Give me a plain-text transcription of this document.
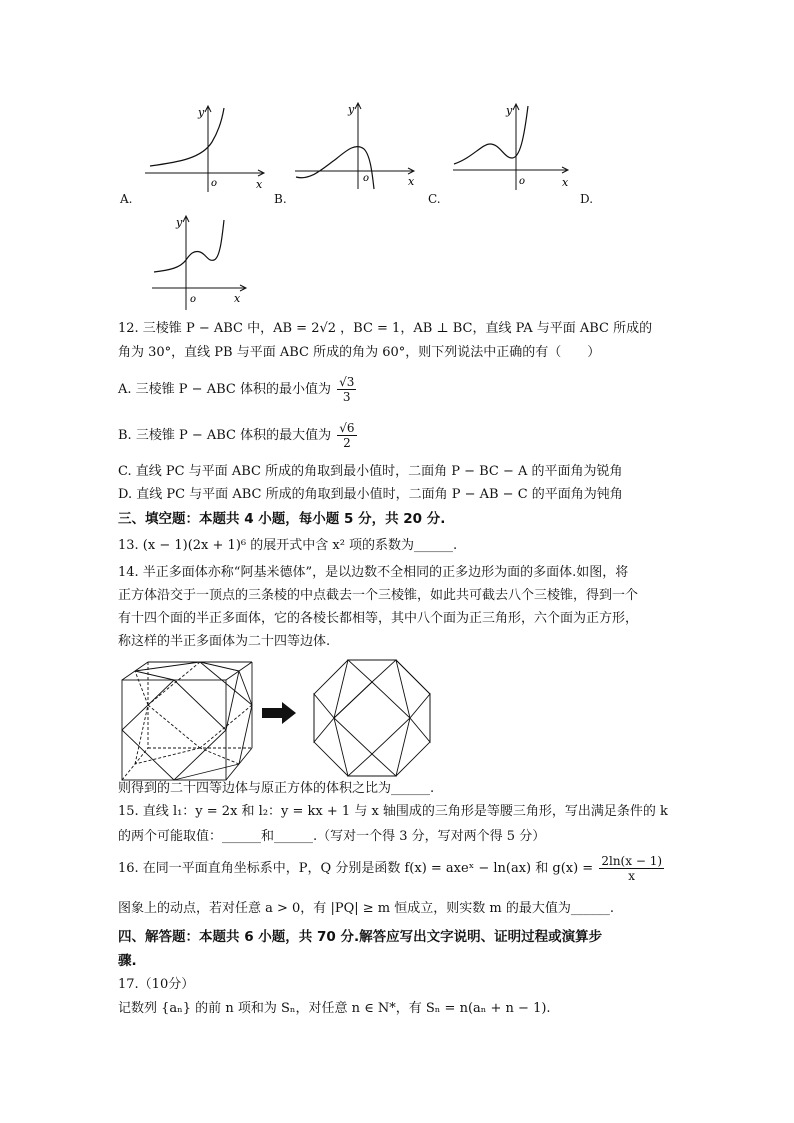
y
x
o
A.
y
x
o
B.
y
x
o
C.	D.
y
x
o
12. 三棱锥 P − ABC 中，AB = 2√2 ，BC = 1，AB ⊥ BC，直线 PA 与平面 ABC 所成的
角为 30°，直线 PB 与平面 ABC 所成的角为 60°，则下列说法中正确的有（　　）
A. 三棱锥 P − ABC 体积的最小值为 $\frac{√3}{3}$
B. 三棱锥 P − ABC 体积的最大值为 $\frac{√6}{2}$
C. 直线 PC 与平面 ABC 所成的角取到最小值时，二面角 P − BC − A 的平面角为锐角
D. 直线 PC 与平面 ABC 所成的角取到最小值时，二面角 P − AB − C 的平面角为钝角
三、填空题：本题共 4 小题，每小题 5 分，共 20 分.
13. (x − 1)(2x + 1)⁶ 的展开式中含 x² 项的系数为______.
14. 半正多面体亦称“阿基米德体”，是以边数不全相同的正多边形为面的多面体.如图，将
正方体沿交于一顶点的三条棱的中点截去一个三棱锥，如此共可截去八个三棱锥，得到一个
有十四个面的半正多面体，它的各棱长都相等，其中八个面为正三角形，六个面为正方形，
称这样的半正多面体为二十四等边体.
则得到的二十四等边体与原正方体的体积之比为______.
15. 直线 l₁：y = 2x 和 l₂：y = kx + 1 与 x 轴围成的三角形是等腰三角形，写出满足条件的 k
的两个可能取值：______和______.（写对一个得 3 分，写对两个得 5 分）
16. 在同一平面直角坐标系中，P，Q 分别是函数 f(x) = axeˣ − ln(ax) 和 $g(x) = \frac{2\ln(x - 1)}{x}$
图象上的动点，若对任意 a > 0，有 |PQ| ≥ m 恒成立，则实数 m 的最大值为______.
四、解答题：本题共 6 小题，共 70 分.解答应写出文字说明、证明过程或演算步
骤.
17.（10分）
记数列 {aₙ} 的前 n 项和为 Sₙ，对任意 n ∈ N*，有 Sₙ = n(aₙ + n − 1).
